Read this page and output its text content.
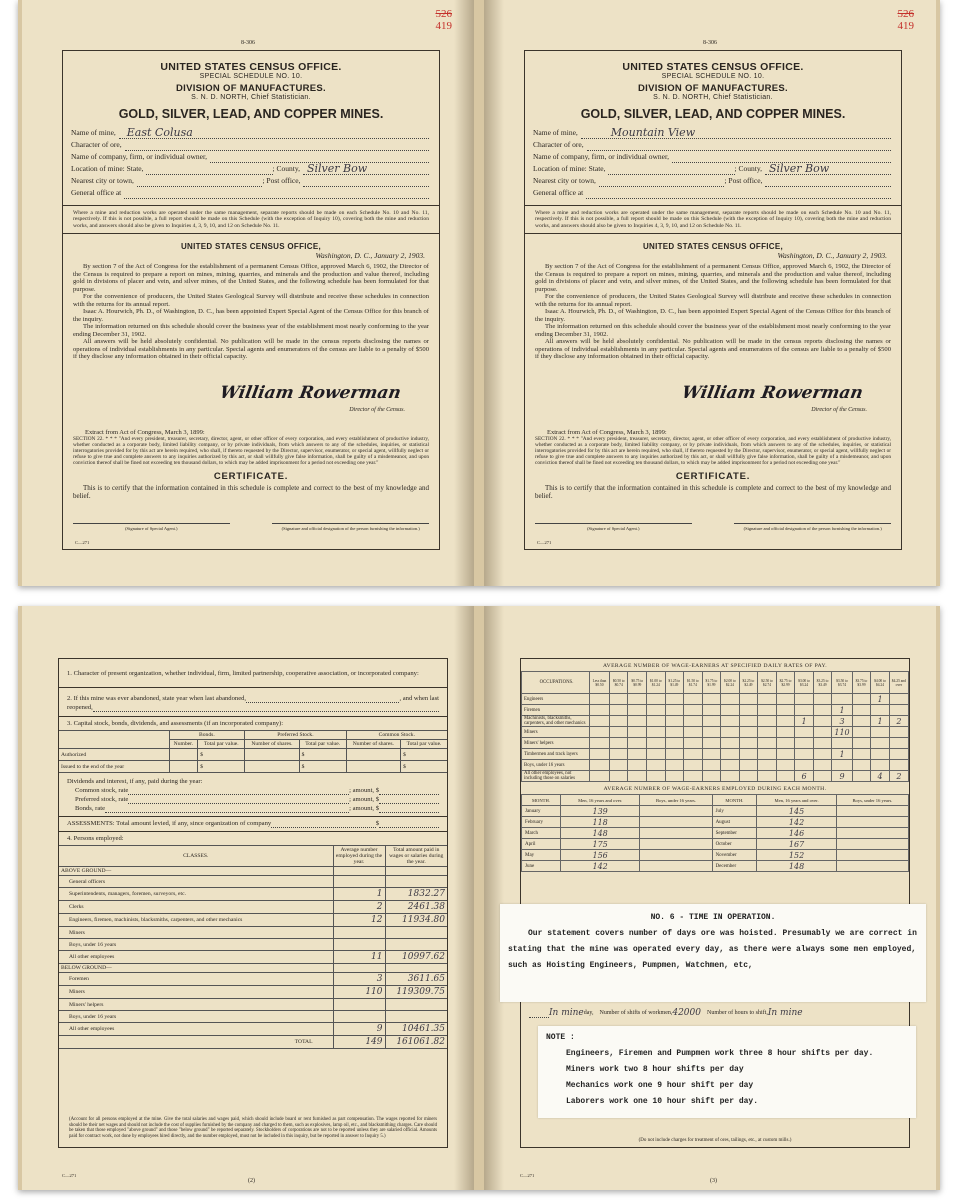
526
419
8-306
UNITED STATES CENSUS OFFICE.
SPECIAL SCHEDULE NO. 10.
DIVISION OF MANUFACTURES.
S. N. D. NORTH, Chief Statistician.
GOLD, SILVER, LEAD, AND COPPER MINES.
Name of mine, East Colusa
Character of ore,
Name of company, firm, or individual owner,
Location of mine: State,	; County, Silver Bow
Nearest city or town,	; Post office,
General office at
Where a mine and reduction works are operated under the same management, separate reports should be made on each Schedule No. 10 and No. 11, respectively. If this is not possible, a full report should be made on this Schedule (with the exception of Inquiry 10), covering both the mine and reduction works, and answers should also be given to Inquiries 4, 3, 9, 10, and 12 on Schedule No. 11.
UNITED STATES CENSUS OFFICE,
Washington, D. C., January 2, 1903.
By section 7 of the Act of Congress for the establishment of a permanent Census Office, approved March 6, 1902, the Director of the Census is required to prepare a report on mines, mining, quarries, and minerals and the production and value thereof, including gold in divisions of placer and vein, and silver mines, of the United States, and the following schedule has been formulated for that purpose.
For the convenience of producers, the United States Geological Survey will distribute and receive these schedules in connection with the returns for its annual report.
Isaac A. Hourwich, Ph. D., of Washington, D. C., has been appointed Expert Special Agent of the Census Office for this branch of the inquiry.
The information returned on this schedule should cover the business year of the establishment most nearly conforming to the year ending December 31, 1902.
All answers will be held absolutely confidential. No publication will be made in the census reports disclosing the names or operations of individual establishments in any particular. Special agents and enumerators of the census are liable to a penalty of $500 if they disclose any information obtained in their official capacity.
William Rowerman
Director of the Census.
Extract from Act of Congress, March 3, 1899:
SECTION 22. * * * "And every president, treasurer, secretary, director, agent, or other officer of every corporation, and every establishment of productive industry, whether conducted as a corporate body, limited liability company, or by private individuals, from which answers to any of the schedules, inquiries, or statistical interrogatories provided for by this act are herein required, who shall, if thereto requested by the Director, supervisor, enumerator, or special agent, willfully neglect or refuse to give true and complete answers to any inquiries authorized by this act, or shall willfully give false information, shall be guilty of a misdemeanor, and upon conviction thereof shall be fined not exceeding ten thousand dollars, to which may be added imprisonment for a period not exceeding one year."
CERTIFICATE.
This is to certify that the information contained in this schedule is complete and correct to the best of my knowledge and belief.
(Signature of Special Agent.)	(Signature and official designation of the person furnishing the information.)
C—271
526
419
8-306
UNITED STATES CENSUS OFFICE.
SPECIAL SCHEDULE NO. 10.
DIVISION OF MANUFACTURES.
S. N. D. NORTH, Chief Statistician.
GOLD, SILVER, LEAD, AND COPPER MINES.
Name of mine,	Mountain View
Character of ore,
Name of company, firm, or individual owner,
Location of mine: State,	; County, Silver Bow
Nearest city or town,	; Post office,
General office at
Where a mine and reduction works are operated under the same management, separate reports should be made on each Schedule No. 10 and No. 11, respectively. If this is not possible, a full report should be made on this Schedule (with the exception of Inquiry 10), covering both the mine and reduction works, and answers should also be given to Inquiries 4, 3, 9, 10, and 12 on Schedule No. 11.
UNITED STATES CENSUS OFFICE,
Washington, D. C., January 2, 1903.
By section 7 of the Act of Congress for the establishment of a permanent Census Office, approved March 6, 1902, the Director of the Census is required to prepare a report on mines, mining, quarries, and minerals and the production and value thereof, including gold in divisions of placer and vein, and silver mines, of the United States, and the following schedule has been formulated for that purpose.
For the convenience of producers, the United States Geological Survey will distribute and receive these schedules in connection with the returns for its annual report.
Isaac A. Hourwich, Ph. D., of Washington, D. C., has been appointed Expert Special Agent of the Census Office for this branch of the inquiry.
The information returned on this schedule should cover the business year of the establishment most nearly conforming to the year ending December 31, 1902.
All answers will be held absolutely confidential. No publication will be made in the census reports disclosing the names or operations of individual establishments in any particular. Special agents and enumerators of the census are liable to a penalty of $500 if they disclose any information obtained in their official capacity.
William Rowerman
Director of the Census.
Extract from Act of Congress, March 3, 1899:
SECTION 22. * * * "And every president, treasurer, secretary, director, agent, or other officer of every corporation, and every establishment of productive industry, whether conducted as a corporate body, limited liability company, or by private individuals, from which answers to any of the schedules, inquiries, or statistical interrogatories provided for by this act are herein required, who shall, if thereto requested by the Director, supervisor, enumerator, or special agent, willfully neglect or refuse to give true and complete answers to any inquiries authorized by this act, or shall willfully give false information, shall be guilty of a misdemeanor, and upon conviction thereof shall be fined not exceeding ten thousand dollars, to which may be added imprisonment for a period not exceeding one year."
CERTIFICATE.
This is to certify that the information contained in this schedule is complete and correct to the best of my knowledge and belief.
(Signature of Special Agent.)	(Signature and official designation of the person furnishing the information.)
C—271
1. Character of present organization, whether individual, firm, limited partnership, cooperative association, or incorporated company:
2. If this mine was ever abandoned, state year when last abandoned,	, and when last
reopened,
3. Capital stock, bonds, dividends, and assessments (if an incorporated company):
	Bonds.		Preferred Stock.		Common Stock.	
	Number.	Total par value.	Number of shares.	Total par value.	Number of shares.	Total par value.
Authorized		$		$		$
Issued to the end of the year		$		$		$
Dividends and interest, if any, paid during the year:
Common stock, rate	; amount, $
Preferred stock, rate	; amount, $
Bonds, rate	; amount, $
ASSESSMENTS: Total amount levied, if any, since organization of company	$
4. Persons employed:
CLASSES.	Average number employed during the year.	Total amount paid in wages or salaries during the year.
ABOVE GROUND—		
General officers		
Superintendents, managers, foremen, surveyors, etc.	1	1832.27
Clerks	2	2461.38
Engineers, firemen, machinists, blacksmiths, carpenters, and other mechanics	12	11934.80
Miners		
Boys, under 16 years		
All other employees	11	10997.62
BELOW GROUND—		
Foremen	3	3611.65
Miners	110	119309.75
Miners' helpers		
Boys, under 16 years		
All other employees	9	10461.35
TOTAL	149	161061.82
(Account for all persons employed at the mine. Give the total salaries and wages paid, which should include board or rent furnished as part compensation. The wages reported for miners should be their net wages and should not include the cost of supplies furnished by the company and charged to them, such as explosives, lamp oil, etc., and blacksmithing charges. Care should be taken that those employed "above ground" and those "below ground" be reported separately. Stockholders of corporations are not to be reported unless they are salaried official. Amounts paid for contract work, not done by employees hired directly, and the number employed, must not be included in this inquiry, but be reported in answer to Inquiry 5.)
(2)
C—271
AVERAGE NUMBER OF WAGE-EARNERS AT SPECIFIED DAILY RATES OF PAY.
OCCUPATIONS.	Less than $0.50	$0.50 to $0.74	$0.75 to $0.99	$1.00 to $1.24	$1.25 to $1.49	$1.50 to $1.74	$1.75 to $1.99	$2.00 to $2.24	$2.25 to $2.49	$2.50 to $2.74	$2.75 to $2.99	$3.00 to $3.24	$3.25 to $3.49	$3.50 to $3.74	$3.75 to $3.99	$4.00 to $4.24	$4.25 and over
Engineers																1	
Firemen														1			
Machinists, blacksmiths, carpenters, and other mechanics												1		3		1	2
Miners														110			
Miners' helpers																	
Timbermen and track layers														1			
Boys, under 16 years																	
All other employees, not including those on salaries												6		9		4	2
AVERAGE NUMBER OF WAGE-EARNERS EMPLOYED DURING EACH MONTH.
MONTH.	Men, 16 years and over.	Boys, under 16 years.	MONTH.	Men, 16 years and over.	Boys, under 16 years.
January	139		July	145	
February	118		August	142	
March	148		September	146	
April	175		October	167	
May	156		November	152	
June	142		December	148	
In mine day, Number of shifts of workmen, 42000 Number of hours to shift, In mine
(Do not include charges for treatment of ores, tailings, etc., at custom mills.)
(3)
C—271

NO. 6 - TIME IN OPERATION.

Our statement covers number of days ore was hoisted. Presumably we are correct in stating that the mine was operated every day, as there were always some men employed, such as Hoisting Engineers, Pumpmen, Watchmen, etc,

NOTE :

Engineers, Firemen and Pumpmen work three 8 hour shifts per day.

Miners work two 8 hour shifts per day

Mechanics work one 9 hour shift per day

Laborers work one 10 hour shift per day.
